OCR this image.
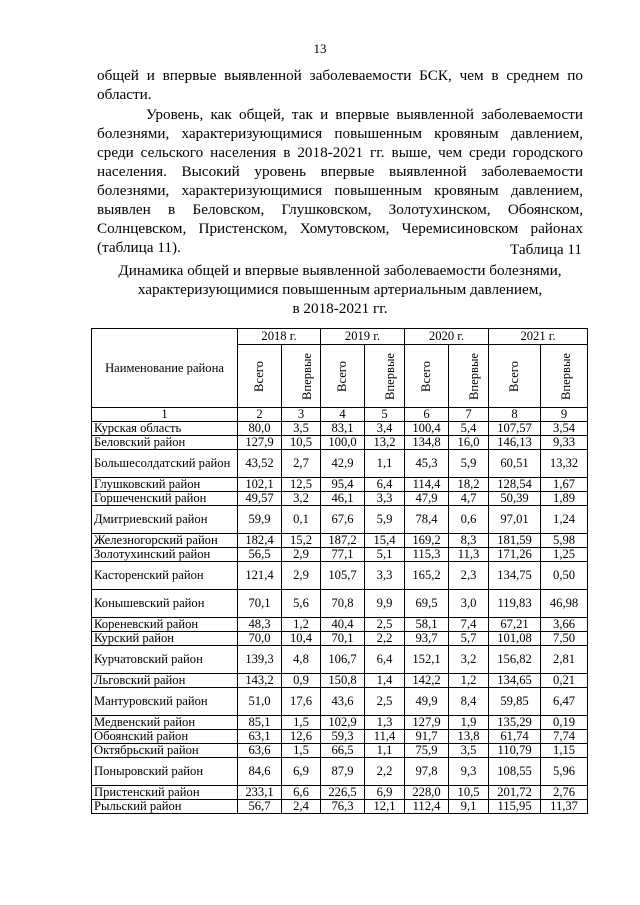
13
общей и впервые выявленной заболеваемости БСК, чем в среднем по
области.
Уровень, как общей, так и впервые выявленной заболеваемости
болезнями, характеризующимися повышенным кровяным давлением,
среди сельского населения в 2018-2021 гг. выше, чем среди городского
населения. Высокий уровень впервые выявленной заболеваемости
болезнями, характеризующимися повышенным кровяным давлением,
выявлен в Беловском, Глушковском, Золотухинском, Обоянском,
Солнцевском, Пристенском, Хомутовском, Черемисиновском районах
(таблица 11).	Таблица 11
Динамика общей и впервые выявленной заболеваемости болезнями,
характеризующимися повышенным артериальным давлением,
в 2018-2021 гг.
Наименование района	2018 г.		2019 г.		2020 г.		2021 г.	
	Всего	Впервые	Всего	Впервые	Всего	Впервые	Всего	Впервые
1	2	3	4	5	6	7	8	9
Курская область	80,0	3,5	83,1	3,4	100,4	5,4	107,57	3,54
Беловский район	127,9	10,5	100,0	13,2	134,8	16,0	146,13	9,33
Большесолдатский район	43,52	2,7	42,9	1,1	45,3	5,9	60,51	13,32
Глушковский район	102,1	12,5	95,4	6,4	114,4	18,2	128,54	1,67
Горшеченский район	49,57	3,2	46,1	3,3	47,9	4,7	50,39	1,89
Дмитриевский район	59,9	0,1	67,6	5,9	78,4	0,6	97,01	1,24
Железногорский район	182,4	15,2	187,2	15,4	169,2	8,3	181,59	5,98
Золотухинский район	56,5	2,9	77,1	5,1	115,3	11,3	171,26	1,25
Касторенский район	121,4	2,9	105,7	3,3	165,2	2,3	134,75	0,50
Конышевский район	70,1	5,6	70,8	9,9	69,5	3,0	119,83	46,98
Кореневский район	48,3	1,2	40,4	2,5	58,1	7,4	67,21	3,66
Курский район	70,0	10,4	70,1	2,2	93,7	5,7	101,08	7,50
Курчатовский район	139,3	4,8	106,7	6,4	152,1	3,2	156,82	2,81
Льговский район	143,2	0,9	150,8	1,4	142,2	1,2	134,65	0,21
Мантуровский район	51,0	17,6	43,6	2,5	49,9	8,4	59,85	6,47
Медвенский район	85,1	1,5	102,9	1,3	127,9	1,9	135,29	0,19
Обоянский район	63,1	12,6	59,3	11,4	91,7	13,8	61,74	7,74
Октябрьский район	63,6	1,5	66,5	1,1	75,9	3,5	110,79	1,15
Поныровский район	84,6	6,9	87,9	2,2	97,8	9,3	108,55	5,96
Пристенский район	233,1	6,6	226,5	6,9	228,0	10,5	201,72	2,76
Рыльский район	56,7	2,4	76,3	12,1	112,4	9,1	115,95	11,37
